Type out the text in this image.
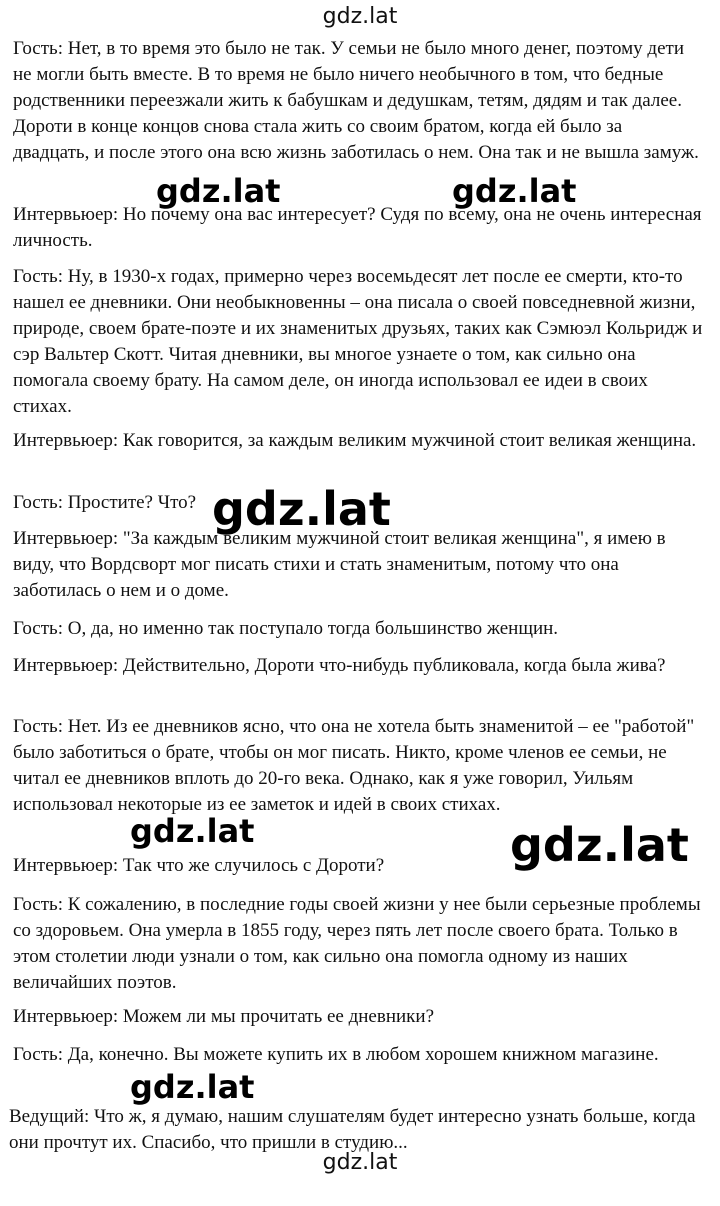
gdz.lat

Гость: Нет, в то время это было не так. У семьи не было много денег, поэтому дети не могли быть вместе. В то время не было ничего необычного в том, что бедные родственники переезжали жить к бабушкам и дедушкам, тетям, дядям и так далее. Дороти в конце концов снова стала жить со своим братом, когда ей было за двадцать, и после этого она всю жизнь заботилась о нем. Она так и не вышла замуж.

Интервьюер: Но почему она вас интересует? Судя по всему, она не очень интересная личность.

Гость: Ну, в 1930-х годах, примерно через восемьдесят лет после ее смерти, кто-то нашел ее дневники. Они необыкновенны – она писала о своей повседневной жизни, природе, своем брате-поэте и их знаменитых друзьях, таких как Сэмюэл Кольридж и сэр Вальтер Скотт. Читая дневники, вы многое узнаете о том, как сильно она помогала своему брату. На самом деле, он иногда использовал ее идеи в своих стихах.

Интервьюер: Как говорится, за каждым великим мужчиной стоит великая женщина.

Гость: Простите? Что?

Интервьюер: "За каждым великим мужчиной стоит великая женщина", я имею в виду, что Вордсворт мог писать стихи и стать знаменитым, потому что она заботилась о нем и о доме.

Гость: О, да, но именно так поступало тогда большинство женщин.

Интервьюер: Действительно, Дороти что-нибудь публиковала, когда была жива?

Гость: Нет. Из ее дневников ясно, что она не хотела быть знаменитой – ее "работой" было заботиться о брате, чтобы он мог писать. Никто, кроме членов ее семьи, не читал ее дневников вплоть до 20-го века. Однако, как я уже говорил, Уильям использовал некоторые из ее заметок и идей в своих стихах.

Интервьюер: Так что же случилось с Дороти?

Гость: К сожалению, в последние годы своей жизни у нее были серьезные проблемы со здоровьем. Она умерла в 1855 году, через пять лет после своего брата. Только в этом столетии люди узнали о том, как сильно она помогла одному из наших величайших поэтов.

Интервьюер: Можем ли мы прочитать ее дневники?

Гость: Да, конечно. Вы можете купить их в любом хорошем книжном магазине.

Ведущий: Что ж, я думаю, нашим слушателям будет интересно узнать больше, когда они прочтут их. Спасибо, что пришли в студию...

gdz.lat	gdz.lat
gdz.lat
gdz.lat	gdz.lat
gdz.lat
gdz.lat
